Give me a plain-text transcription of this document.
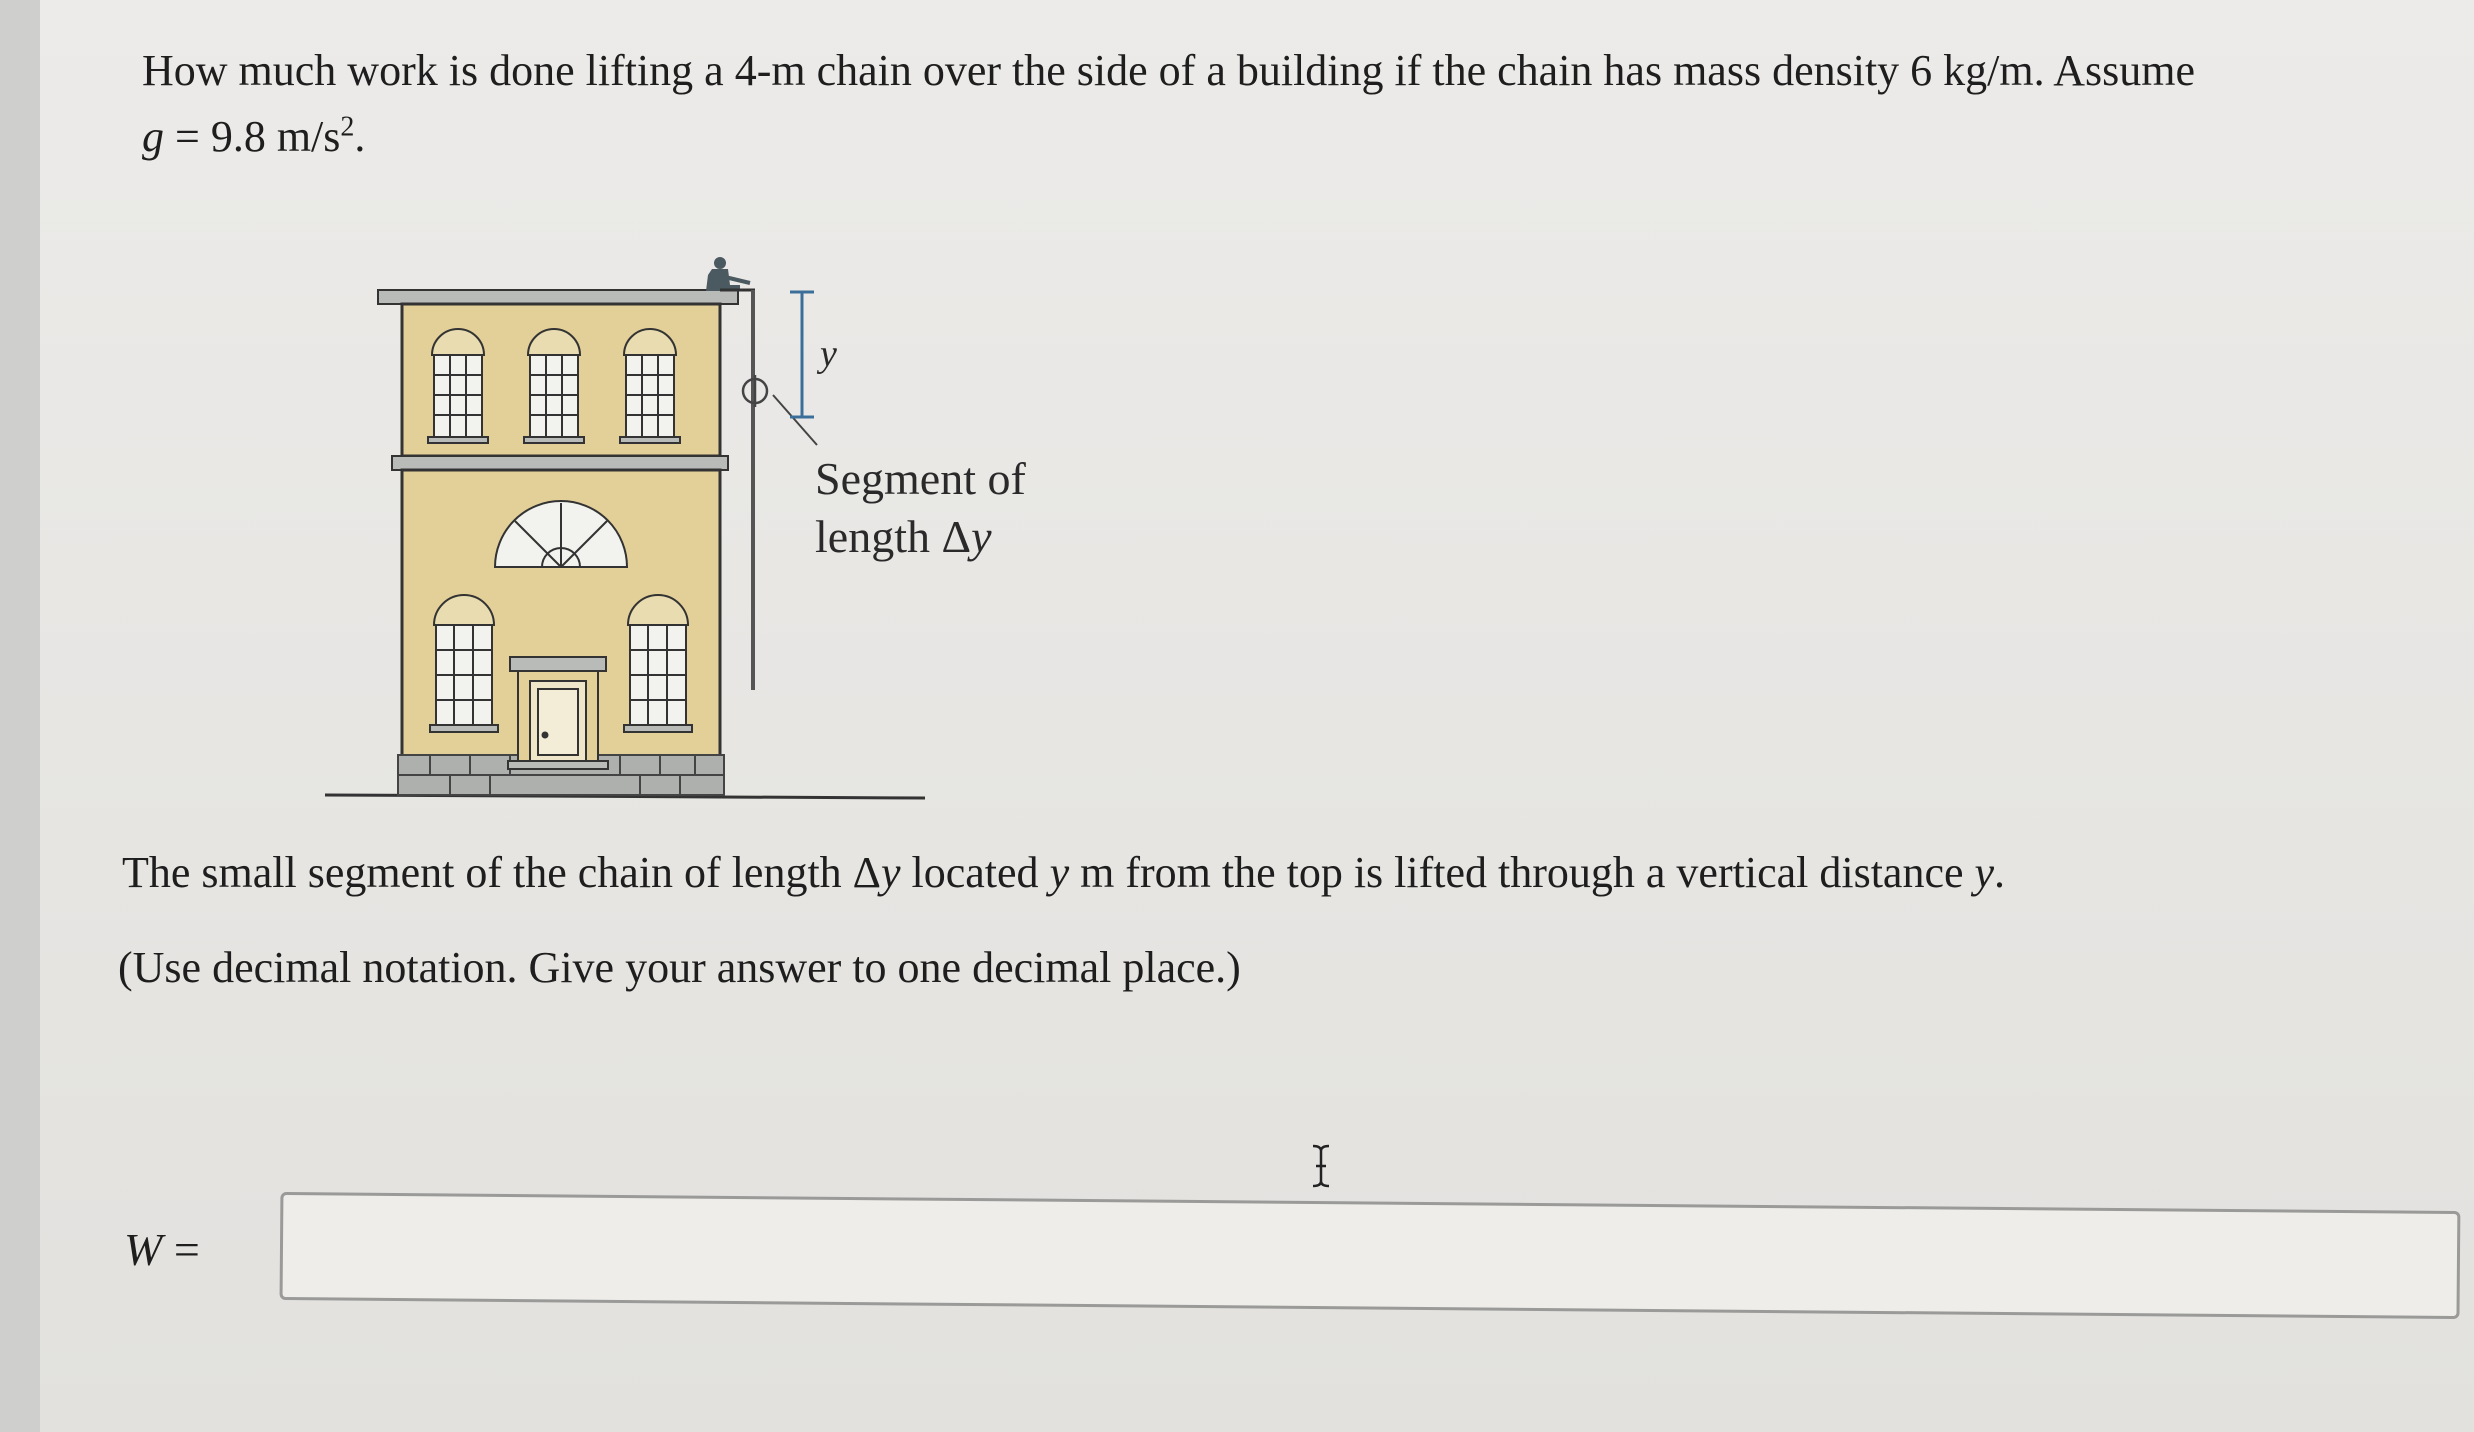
How much work is done lifting a 4-m chain over the side of a building if the chain has mass density 6 kg/m. Assume
g = 9.8 $m/s^2$.

y
Segment of
length Δy

The small segment of the chain of length Δy located y m from the top is lifted through a vertical distance y.

(Use decimal notation. Give your answer to one decimal place.)

W =
